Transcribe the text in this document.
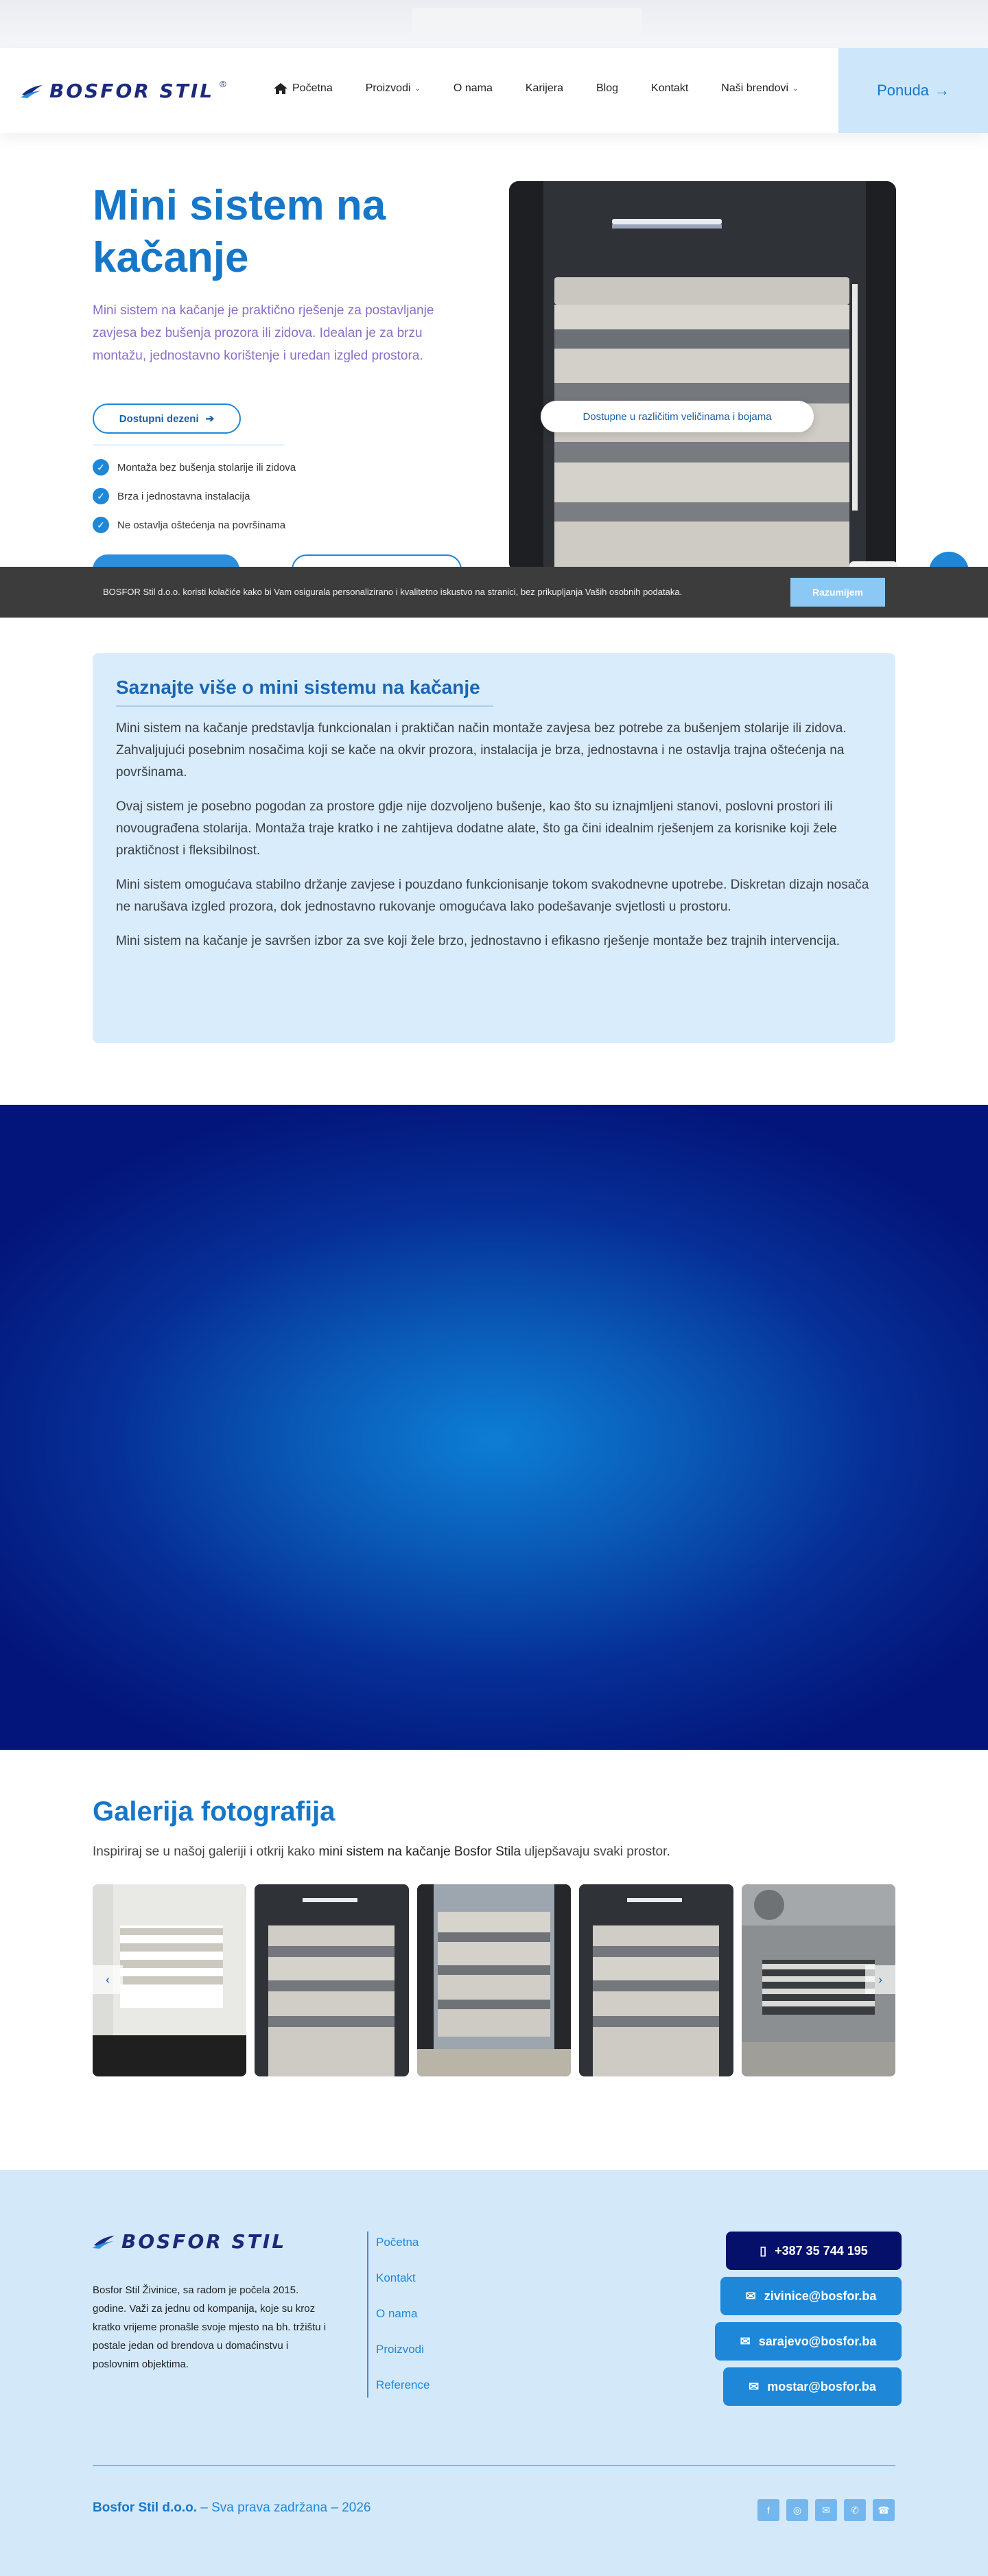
BOSFOR STIL ®	Početna	Proizvodi ⌄	O nama	Karijera	Blog	Kontakt	Naši brendovi ⌄	Ponuda →
Mini sistem na kačanje

Mini sistem na kačanje je praktično rješenje za postavljanje zavjesa bez bušenja prozora ili zidova. Idealan je za brzu montažu, jednostavno korištenje i uredan izgled prostora.

Dostupni dezeni ➔
✓	Montaža bez bušenja stolarije ili zidova
✓	Brza i jednostavna instalacija
✓	Ne ostavlja oštećenja na površinama
Dostupne u različitim veličinama i bojama
BOSFOR Stil d.o.o. koristi kolačiće kako bi Vam osigurala personalizirano i kvalitetno iskustvo na stranici, bez prikupljanja Vaših osobnih podataka.	Razumijem
Saznajte više o mini sistemu na kačanje

Mini sistem na kačanje predstavlja funkcionalan i praktičan način montaže zavjesa bez potrebe za bušenjem stolarije ili zidova. Zahvaljujući posebnim nosačima koji se kače na okvir prozora, instalacija je brza, jednostavna i ne ostavlja trajna oštećenja na površinama.

Ovaj sistem je posebno pogodan za prostore gdje nije dozvoljeno bušenje, kao što su iznajmljeni stanovi, poslovni prostori ili novougrađena stolarija. Montaža traje kratko i ne zahtijeva dodatne alate, što ga čini idealnim rješenjem za korisnike koji žele praktičnost i fleksibilnost.

Mini sistem omogućava stabilno držanje zavjese i pouzdano funkcionisanje tokom svakodnevne upotrebe. Diskretan dizajn nosača ne narušava izgled prozora, dok jednostavno rukovanje omogućava lako podešavanje svjetlosti u prostoru.

Mini sistem na kačanje je savršen izbor za sve koji žele brzo, jednostavno i efikasno rješenje montaže bez trajnih intervencija.

Galerija fotografija

Inspiriraj se u našoj galeriji i otkrij kako mini sistem na kačanje Bosfor Stila uljepšavaju svaki prostor.

‹	›
BOSFOR STIL

Bosfor Stil Živinice, sa radom je počela 2015. godine. Važi za jednu od kompanija, koje su kroz kratko vrijeme pronašle svoje mjesto na bh. tržištu i postale jedan od brendova u domaćinstvu i poslovnim objektima.

Početna
Kontakt
O nama
Proizvodi
Reference
▯ +387 35 744 195
✉ zivinice@bosfor.ba
✉ sarajevo@bosfor.ba
✉ mostar@bosfor.ba

Bosfor Stil d.o.o. – Sva prava zadržana – 2026	f	◎	✉	✆	☎
